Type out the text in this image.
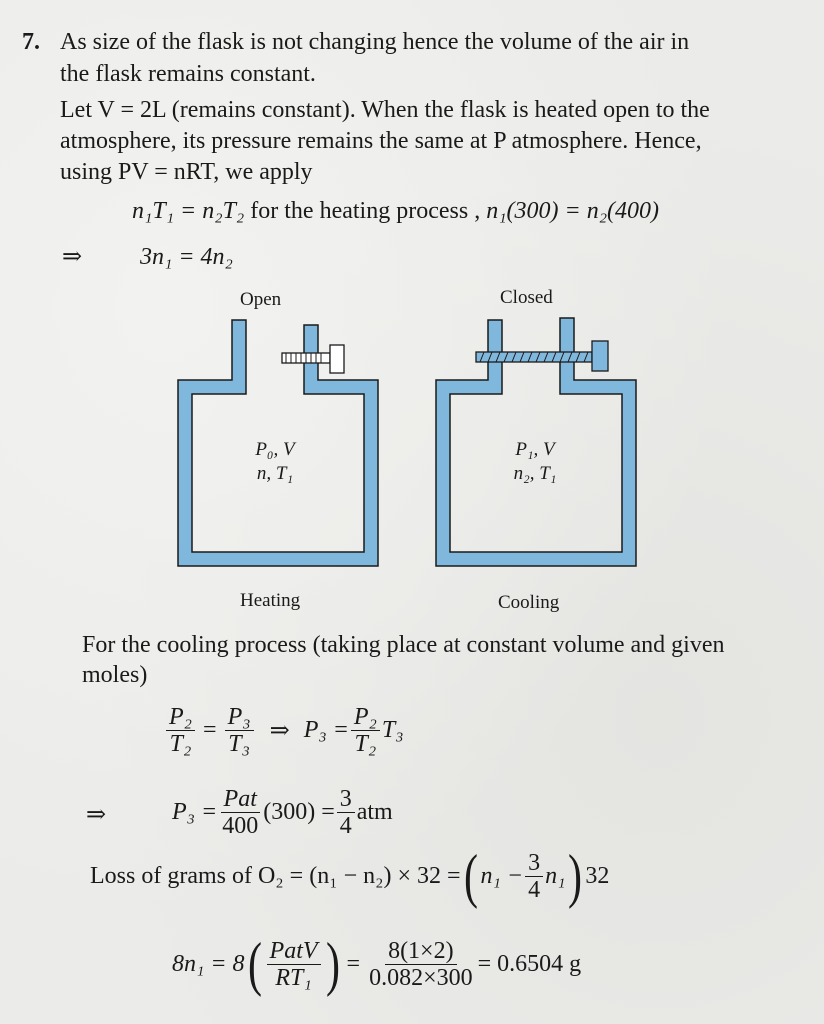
7. As size of the flask is not changing hence the volume of the air in
the flask remains constant.
Let V = 2L (remains constant). When the flask is heated open to the
atmosphere, its pressure remains the same at P atmosphere. Hence,
using PV = nRT, we apply
n₁T₁ = n₂T₂ for the heating process , n₁(300) = n₂(400)
⇒ 3n₁ = 4n₂
Open	Closed
P₀, V
n, T₁
P₁, V
n₂, T₁
Heating	Cooling
For the cooling process (taking place at constant volume and given
moles)
$\frac{\text{P₂}}{\text{T₂}} = \frac{\text{P₃}}{\text{T₃}}$ ⇒ $P_3 = \frac{\text{P₂}}{\text{T₂}} T_3$
⇒	$P_3 = \frac{\text{Pat}}{400} (300) = \frac{3}{4}$ atm
Loss of grams of O₂ = (n₁ − n₂) × 32 = ( $n_1 - \frac{3}{4} n_1$ ) 32
8n₁ = 8 ( $\frac{\text{PatV}}{\text{RT₁}}$ ) = $\frac{8(1\times 2)}{0.082\times 300} = 0.6504$ g
